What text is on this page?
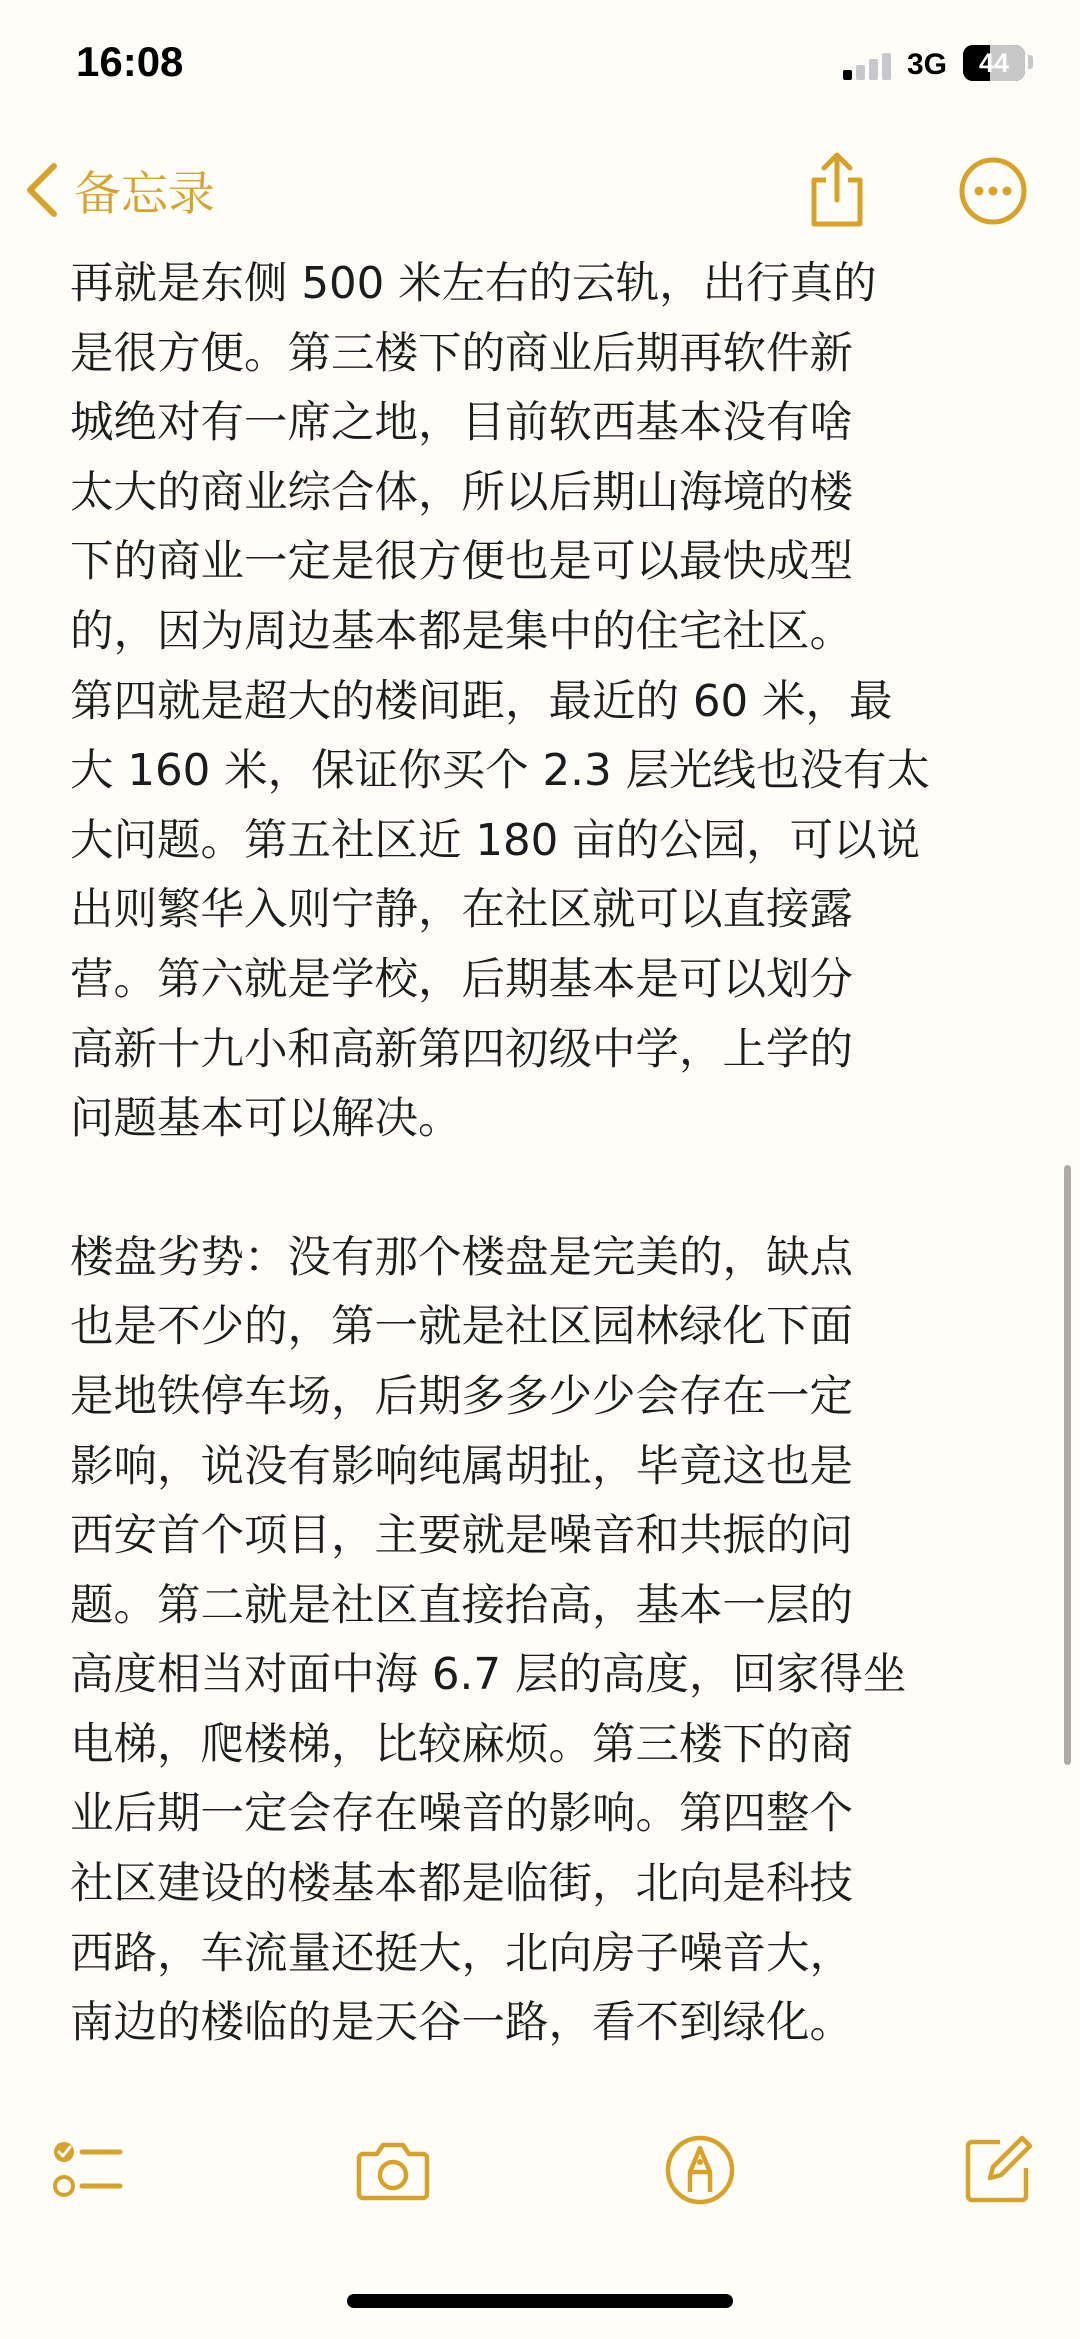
16:08	3G	44
备忘录

再就是东侧 500 米左右的云轨，出行真的
是很方便。第三楼下的商业后期再软件新
城绝对有一席之地，目前软西基本没有啥
太大的商业综合体，所以后期山海境的楼
下的商业一定是很方便也是可以最快成型
的，因为周边基本都是集中的住宅社区。
第四就是超大的楼间距，最近的 60 米，最
大 160 米，保证你买个 2.3 层光线也没有太
大问题。第五社区近 180 亩的公园，可以说
出则繁华入则宁静，在社区就可以直接露
营。第六就是学校，后期基本是可以划分
高新十九小和高新第四初级中学，上学的
问题基本可以解决。

楼盘劣势：没有那个楼盘是完美的，缺点
也是不少的，第一就是社区园林绿化下面
是地铁停车场，后期多多少少会存在一定
影响，说没有影响纯属胡扯，毕竟这也是
西安首个项目，主要就是噪音和共振的问
题。第二就是社区直接抬高，基本一层的
高度相当对面中海 6.7 层的高度，回家得坐
电梯，爬楼梯，比较麻烦。第三楼下的商
业后期一定会存在噪音的影响。第四整个
社区建设的楼基本都是临街，北向是科技
西路，车流量还挺大，北向房子噪音大，
南边的楼临的是天谷一路，看不到绿化。
